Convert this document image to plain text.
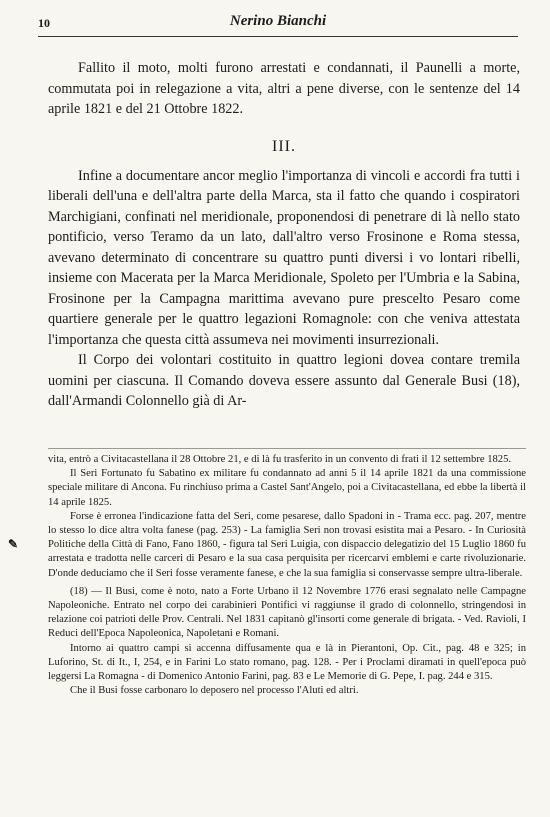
10	Nerino Bianchi

Fallito il moto, molti furono arrestati e condannati, il Paunelli a morte, commutata poi in relegazione a vita, altri a pene diverse, con le sentenze del 14 aprile 1821 e del 21 Ottobre 1822.

III.

Infine a documentare ancor meglio l'importanza di vincoli e accordi fra tutti i liberali dell'una e dell'altra parte della Marca, sta il fatto che quando i cospiratori Marchigiani, confinati nel meridionale, proponendosi di penetrare di là nello stato pontificio, verso Teramo da un lato, dall'altro verso Frosinone e Roma stessa, avevano determinato di concentrare su quattro punti diversi i vo lontari ribelli, insieme con Macerata per la Marca Meridionale, Spoleto per l'Umbria e la Sabina, Frosinone per la Campagna marittima avevano pure prescelto Pesaro come quartiere generale per le quattro legazioni Romagnole: con che veniva attestata l'importanza che questa città assumeva nei movimenti insurrezionali.

Il Corpo dei volontari costituito in quattro legioni dovea contare tremila uomini per ciascuna. Il Comando doveva essere assunto dal Generale Busi (18), dall'Armandi Colonnello già di Ar-

✎

vita, entrò a Civitacastellana il 28 Ottobre 21, e di là fu trasferito in un convento di frati il 12 settembre 1825.

Il Seri Fortunato fu Sabatino ex militare fu condannato ad anni 5 il 14 aprile 1821 da una commissione speciale militare di Ancona. Fu rinchiuso prima a Castel Sant'Angelo, poi a Civitacastellana, ed ebbe la libertà il 14 aprile 1825.

Forse è erronea l'indicazione fatta del Seri, come pesarese, dallo Spadoni in - Trama ecc. pag. 207, mentre lo stesso lo dice altra volta fanese (pag. 253) - La famiglia Seri non trovasi esistita mai a Pesaro. - In Curiosità Politiche della Città di Fano, Fano 1860, - figura tal Seri Luigia, con dispaccio delegatizio del 15 Luglio 1860 fu arrestata e tradotta nelle carceri di Pesaro e la sua casa perquisita per ricercarvi emblemi e carte rivoluzionarie. D'onde deduciamo che il Seri fosse veramente fanese, e che la sua famiglia si conservasse sempre ultra-liberale.

(18) — Il Busi, come è noto, nato a Forte Urbano il 12 Novembre 1776 erasi segnalato nelle Campagne Napoleoniche. Entrato nel corpo dei carabinieri Pontifici vi raggiunse il grado di colonnello, stringendosi in relazione coi patrioti delle Prov. Centrali. Nel 1831 capitanò gl'insorti come generale di brigata. - Ved. Ravioli, I Reduci dell'Epoca Napoleonica, Napoletani e Romani.

Intorno ai quattro campi si accenna diffusamente qua e là in Pierantoni, Op. Cit., pag. 48 e 325; in Luforino, St. di It., I, 254, e in Farini Lo stato romano, pag. 128. - Per i Proclami diramati in quell'epoca può leggersi La Romagna - di Domenico Antonio Farini, pag. 83 e Le Memorie di G. Pepe, I. pag. 244 e 315.

Che il Busi fosse carbonaro lo deposero nel processo l'Aluti ed altri.
